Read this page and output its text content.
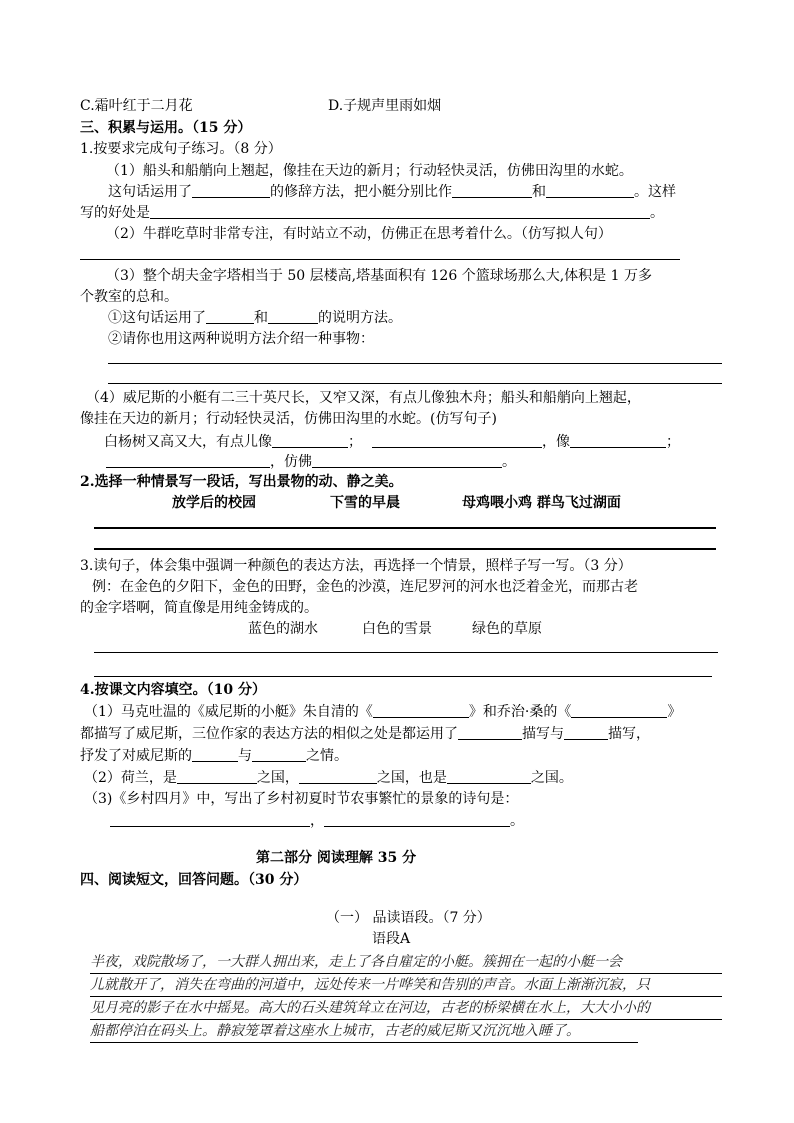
C.霜叶红于二月花	D.子规声里雨如烟
三、积累与运用。（15 分）
1.按要求完成句子练习。（8 分）
（1）船头和船艄向上翘起，像挂在天边的新月；行动轻快灵活，仿佛田沟里的水蛇。
这句话运用了	的修辞方法，把小艇分别比作	和	。这样
写的好处是	。
（2）牛群吃草时非常专注，有时站立不动，仿佛正在思考着什么。（仿写拟人句）
（3）整个胡夫金字塔相当于 50 层楼高,塔基面积有 126 个篮球场那么大,体积是 1 万多
个教室的总和。
①这句话运用了	和	的说明方法。
②请你也用这两种说明方法介绍一种事物：
（4）威尼斯的小艇有二三十英尺长，又窄又深，有点儿像独木舟；船头和船艄向上翘起，
像挂在天边的新月；行动轻快灵活，仿佛田沟里的水蛇。(仿写句子)
白杨树又高又大，有点儿像	；	，像	；
，仿佛	。
2.选择一种情景写一段话，写出景物的动、静之美。
放学后的校园	下雪的早晨	母鸡喂小鸡 群鸟飞过湖面
3.读句子，体会集中强调一种颜色的表达方法，再选择一个情景，照样子写一写。（3 分）
例：在金色的夕阳下，金色的田野，金色的沙漠，连尼罗河的河水也泛着金光，而那古老
的金字塔啊，简直像是用纯金铸成的。
蓝色的湖水	白色的雪景	绿色的草原
4.按课文内容填空。（10 分）
（1）马克吐温的《威尼斯的小艇》朱自清的《	》和乔治·桑的《	》
都描写了威尼斯，三位作家的表达方法的相似之处是都运用了	描写与	描写，
抒发了对威尼斯的	与	之情。
（2）荷兰，是	之国，	之国，也是	之国。
（3)《乡村四月》中，写出了乡村初夏时节农事繁忙的景象的诗句是：
，	。
第二部分 阅读理解 35 分
四、阅读短文，回答问题。（30 分）
（一） 品读语段。（7 分）
语段A
半夜，戏院散场了，一大群人拥出来，走上了各自雇定的小艇。簇拥在一起的小艇一会
儿就散开了，消失在弯曲的河道中，远处传来一片哗笑和告别的声音。水面上渐渐沉寂，只
见月亮的影子在水中摇晃。高大的石头建筑耸立在河边，古老的桥梁横在水上，大大小小的
船都停泊在码头上。静寂笼罩着这座水上城市，古老的威尼斯又沉沉地入睡了。
